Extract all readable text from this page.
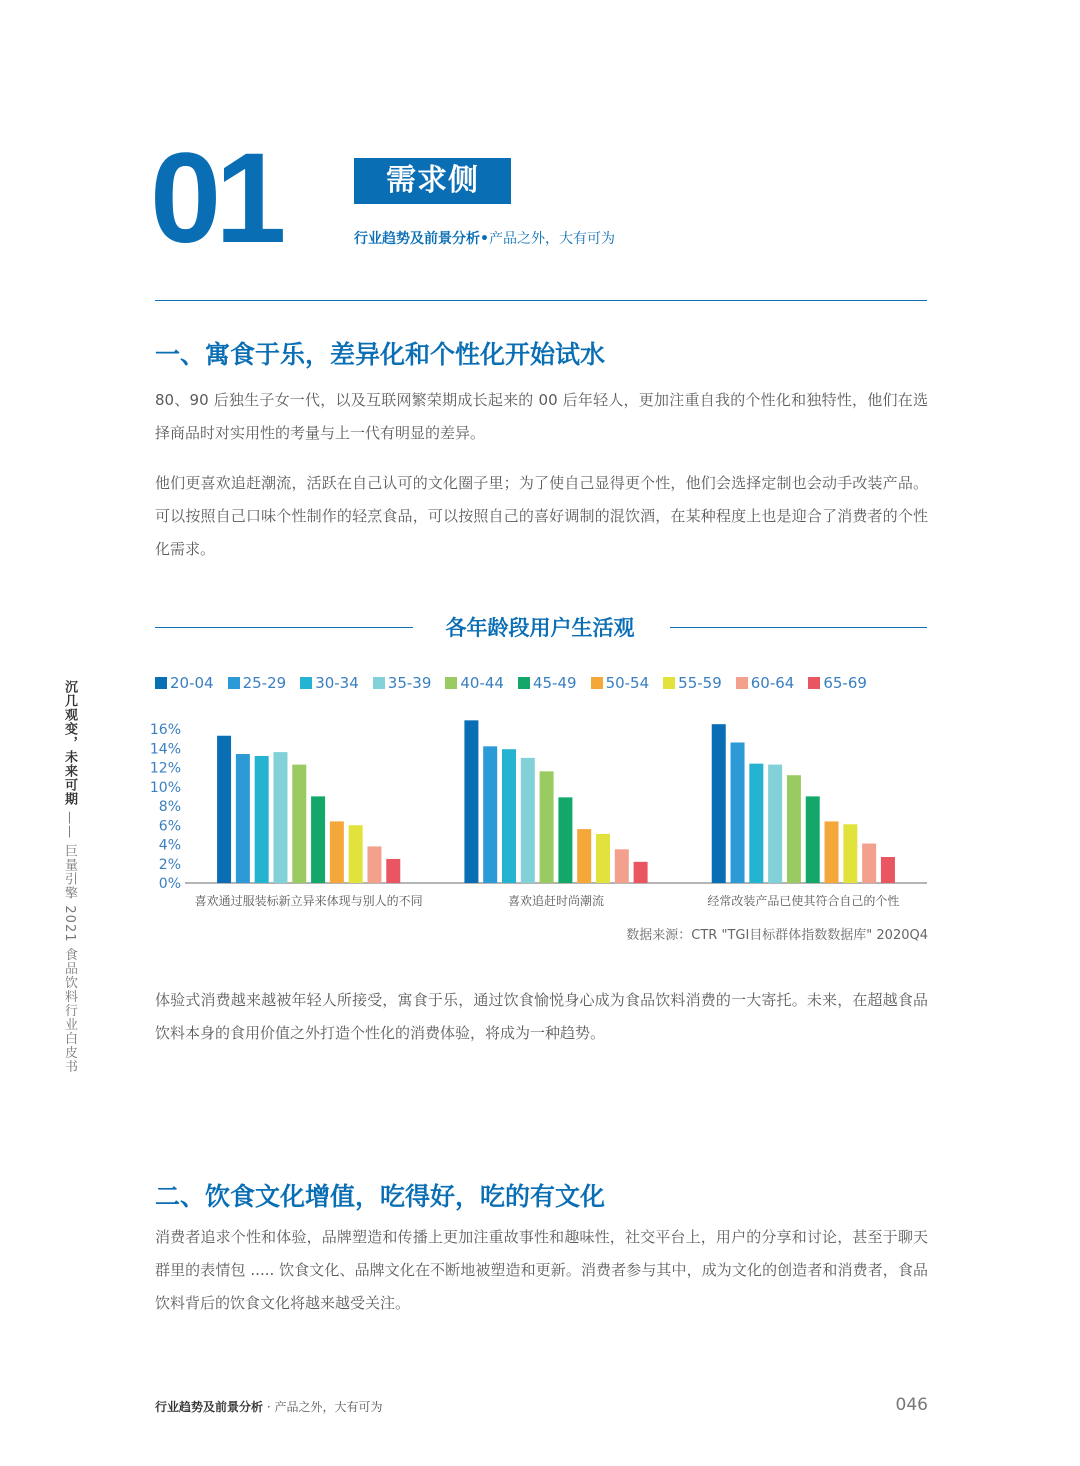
01	需求侧
行业趋势及前景分析•产品之外，大有可为
一、寓食于乐，差异化和个性化开始试水
80、90 后独生子女一代，以及互联网繁荣期成长起来的 00 后年轻人，更加注重自我的个性化和独特性，他们在选择商品时对实用性的考量与上一代有明显的差异。
他们更喜欢追赶潮流，活跃在自己认可的文化圈子里；为了使自己显得更个性，他们会选择定制也会动手改装产品。可以按照自己口味个性制作的轻烹食品，可以按照自己的喜好调制的混饮酒，在某种程度上也是迎合了消费者的个性化需求。
各年龄段用户生活观
20-04 25-29 30-34 35-39 40-44 45-49 50-54 55-59 60-64 65-69
0%
2%
4%
6%
8%
10%
12%
14%
16%
喜欢通过服装标新立异来体现与别人的不同	喜欢追赶时尚潮流	经常改装产品已使其符合自己的个性
数据来源：CTR "TGI目标群体指数数据库" 2020Q4
体验式消费越来越被年轻人所接受，寓食于乐，通过饮食愉悦身心成为食品饮料消费的一大寄托。未来，在超越食品饮料本身的食用价值之外打造个性化的消费体验，将成为一种趋势。
二、饮食文化增值，吃得好，吃的有文化
消费者追求个性和体验，品牌塑造和传播上更加注重故事性和趣味性，社交平台上，用户的分享和讨论，甚至于聊天群里的表情包 ..... 饮食文化、品牌文化在不断地被塑造和更新。消费者参与其中，成为文化的创造者和消费者，食品饮料背后的饮食文化将越来越受关注。
沉几观变，未来可期 —— 巨量引擎 2021 食品饮料行业白皮书
行业趋势及前景分析 · 产品之外，大有可为	046
